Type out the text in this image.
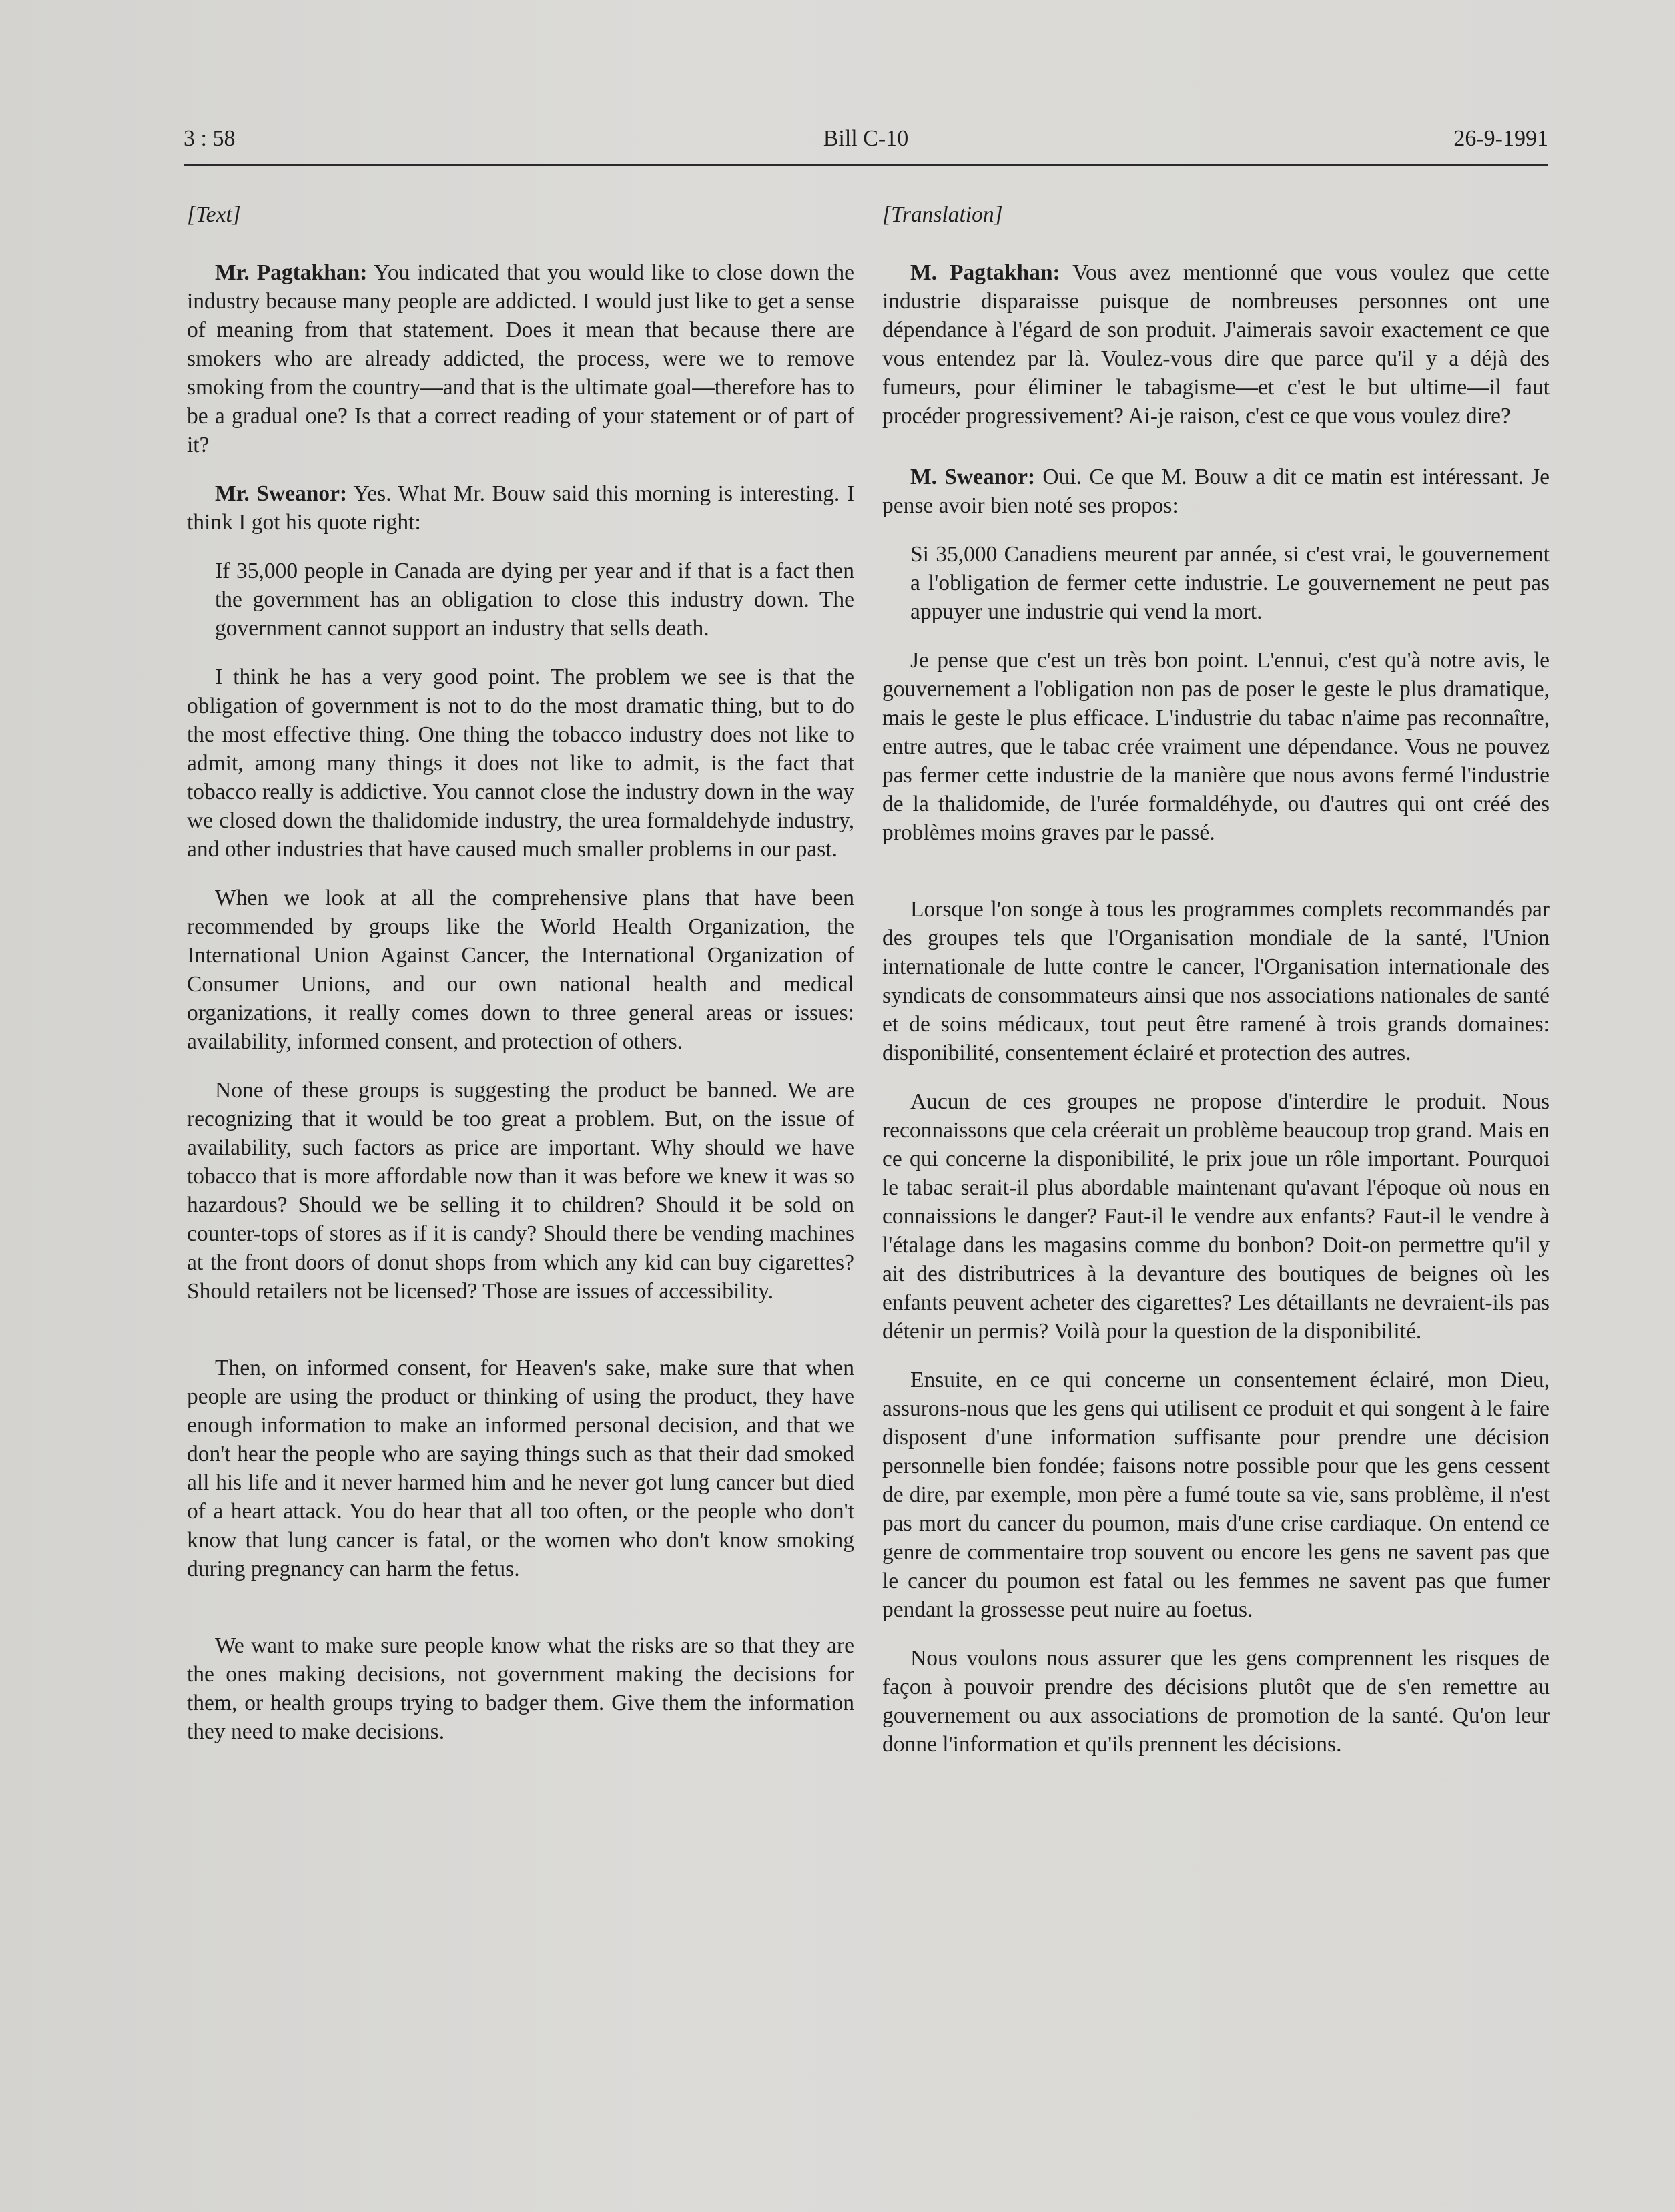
3 : 58	Bill C-10	26-9-1991

[Text]

Mr. Pagtakhan: You indicated that you would like to close down the industry because many people are addicted. I would just like to get a sense of meaning from that statement. Does it mean that because there are smokers who are already addicted, the process, were we to remove smoking from the country—and that is the ultimate goal—therefore has to be a gradual one? Is that a correct reading of your statement or of part of it?

Mr. Sweanor: Yes. What Mr. Bouw said this morning is interesting. I think I got his quote right:

If 35,000 people in Canada are dying per year and if that is a fact then the government has an obligation to close this industry down. The government cannot support an industry that sells death.

I think he has a very good point. The problem we see is that the obligation of government is not to do the most dramatic thing, but to do the most effective thing. One thing the tobacco industry does not like to admit, among many things it does not like to admit, is the fact that tobacco really is addictive. You cannot close the industry down in the way we closed down the thalidomide industry, the urea formaldehyde industry, and other industries that have caused much smaller problems in our past.

When we look at all the comprehensive plans that have been recommended by groups like the World Health Organization, the International Union Against Cancer, the International Organization of Consumer Unions, and our own national health and medical organizations, it really comes down to three general areas or issues: availability, informed consent, and protection of others.

None of these groups is suggesting the product be banned. We are recognizing that it would be too great a problem. But, on the issue of availability, such factors as price are important. Why should we have tobacco that is more affordable now than it was before we knew it was so hazardous? Should we be selling it to children? Should it be sold on counter-tops of stores as if it is candy? Should there be vending machines at the front doors of donut shops from which any kid can buy cigarettes? Should retailers not be licensed? Those are issues of accessibility.

Then, on informed consent, for Heaven's sake, make sure that when people are using the product or thinking of using the product, they have enough information to make an informed personal decision, and that we don't hear the people who are saying things such as that their dad smoked all his life and it never harmed him and he never got lung cancer but died of a heart attack. You do hear that all too often, or the people who don't know that lung cancer is fatal, or the women who don't know smoking during pregnancy can harm the fetus.

We want to make sure people know what the risks are so that they are the ones making decisions, not government making the decisions for them, or health groups trying to badger them. Give them the information they need to make decisions.

[Translation]

M. Pagtakhan: Vous avez mentionné que vous voulez que cette industrie disparaisse puisque de nombreuses personnes ont une dépendance à l'égard de son produit. J'aimerais savoir exactement ce que vous entendez par là. Voulez-vous dire que parce qu'il y a déjà des fumeurs, pour éliminer le tabagisme—et c'est le but ultime—il faut procéder progressivement? Ai-je raison, c'est ce que vous voulez dire?

M. Sweanor: Oui. Ce que M. Bouw a dit ce matin est intéressant. Je pense avoir bien noté ses propos:

Si 35,000 Canadiens meurent par année, si c'est vrai, le gouvernement a l'obligation de fermer cette industrie. Le gouvernement ne peut pas appuyer une industrie qui vend la mort.

Je pense que c'est un très bon point. L'ennui, c'est qu'à notre avis, le gouvernement a l'obligation non pas de poser le geste le plus dramatique, mais le geste le plus efficace. L'industrie du tabac n'aime pas reconnaître, entre autres, que le tabac crée vraiment une dépendance. Vous ne pouvez pas fermer cette industrie de la manière que nous avons fermé l'industrie de la thalidomide, de l'urée formaldéhyde, ou d'autres qui ont créé des problèmes moins graves par le passé.

Lorsque l'on songe à tous les programmes complets recommandés par des groupes tels que l'Organisation mondiale de la santé, l'Union internationale de lutte contre le cancer, l'Organisation internationale des syndicats de consommateurs ainsi que nos associations nationales de santé et de soins médicaux, tout peut être ramené à trois grands domaines: disponibilité, consentement éclairé et protection des autres.

Aucun de ces groupes ne propose d'interdire le produit. Nous reconnaissons que cela créerait un problème beaucoup trop grand. Mais en ce qui concerne la disponibilité, le prix joue un rôle important. Pourquoi le tabac serait-il plus abordable maintenant qu'avant l'époque où nous en connaissions le danger? Faut-il le vendre aux enfants? Faut-il le vendre à l'étalage dans les magasins comme du bonbon? Doit-on permettre qu'il y ait des distributrices à la devanture des boutiques de beignes où les enfants peuvent acheter des cigarettes? Les détaillants ne devraient-ils pas détenir un permis? Voilà pour la question de la disponibilité.

Ensuite, en ce qui concerne un consentement éclairé, mon Dieu, assurons-nous que les gens qui utilisent ce produit et qui songent à le faire disposent d'une information suffisante pour prendre une décision personnelle bien fondée; faisons notre possible pour que les gens cessent de dire, par exemple, mon père a fumé toute sa vie, sans problème, il n'est pas mort du cancer du poumon, mais d'une crise cardiaque. On entend ce genre de commentaire trop souvent ou encore les gens ne savent pas que le cancer du poumon est fatal ou les femmes ne savent pas que fumer pendant la grossesse peut nuire au foetus.

Nous voulons nous assurer que les gens comprennent les risques de façon à pouvoir prendre des décisions plutôt que de s'en remettre au gouvernement ou aux associations de promotion de la santé. Qu'on leur donne l'information et qu'ils prennent les décisions.
